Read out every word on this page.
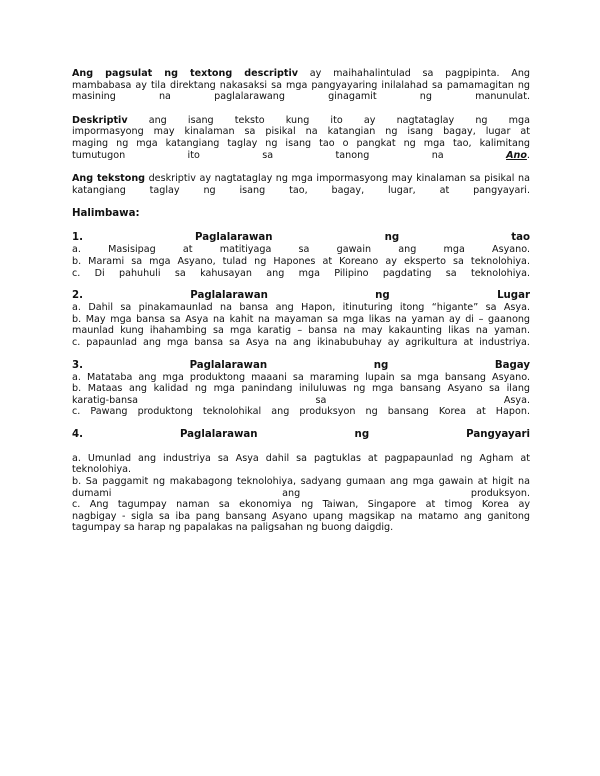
Ang pagsulat ng textong descriptiv ay maihahalintulad sa pagpipinta. Ang

mambabasa ay tila direktang nakasaksi sa mga pangyayaring inilalahad sa pamamagitan ng

masining na paglalarawang ginagamit ng manunulat.

Deskriptiv ang isang teksto kung ito ay nagtataglay ng mga

impormasyong may kinalaman sa pisikal na katangian ng isang bagay, lugar at

maging ng mga katangiang taglay ng isang tao o pangkat ng mga tao, kalimitang

tumutugon ito sa tanong na	Ano.

Ang tekstong deskriptiv ay nagtataglay ng mga impormasyong may kinalaman sa pisikal na

katangiang taglay ng isang tao, bagay, lugar, at pangyayari.

Halimbawa:

1. Paglalarawan ng tao

a. Masisipag at matitiyaga sa gawain ang mga Asyano.

b. Marami sa mga Asyano, tulad ng Hapones at Koreano ay eksperto sa teknolohiya.

c. Di pahuhuli sa kahusayan ang mga Pilipino pagdating sa teknolohiya.

2. Paglalarawan ng Lugar

a. Dahil sa pinakamaunlad na bansa ang Hapon, itinuturing itong “higante” sa Asya.

b. May mga bansa sa Asya na kahit na mayaman sa mga likas na yaman ay di – gaanong

maunlad kung ihahambing sa mga karatig – bansa na may kakaunting likas na yaman.

c. papaunlad ang mga bansa sa Asya na ang ikinabubuhay ay agrikultura at industriya.

3. Paglalarawan ng Bagay

a. Matataba ang mga produktong maaani sa maraming lupain sa mga bansang Asyano.

b. Mataas ang kalidad ng mga panindang iniluluwas ng mga bansang Asyano sa ilang

karatig-bansa sa Asya.

c. Pawang produktong teknolohikal ang produksyon ng bansang Korea at Hapon.

4. Paglalarawan ng Pangyayari

a. Umunlad ang industriya sa Asya dahil sa pagtuklas at pagpapaunlad ng Agham at

teknolohiya.

b. Sa paggamit ng makabagong teknolohiya, sadyang gumaan ang mga gawain at higit na

dumami ang produksyon.

c. Ang tagumpay naman sa ekonomiya ng Taiwan, Singapore at timog Korea ay

nagbigay - sigla sa iba pang bansang Asyano upang magsikap na matamo ang ganitong

tagumpay sa harap ng papalakas na paligsahan ng buong daigdig.
